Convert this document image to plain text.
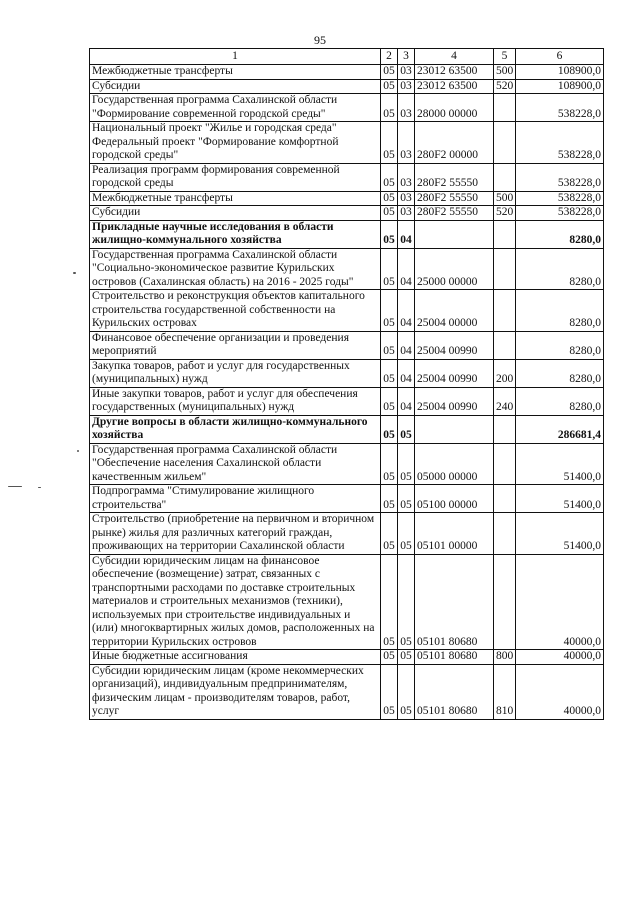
95
1	2	3	4	5	6
Межбюджетные трансферты	05	03	23012 63500	500	108900,0
Субсидии	05	03	23012 63500	520	108900,0
Государственная программа Сахалинской области "Формирование современной городской среды"	05	03	28000 00000		538228,0
Национальный проект "Жилье и городская среда" Федеральный проект "Формирование комфортной городской среды"	05	03	280F2 00000		538228,0
Реализация программ формирования современной городской среды	05	03	280F2 55550		538228,0
Межбюджетные трансферты	05	03	280F2 55550	500	538228,0
Субсидии	05	03	280F2 55550	520	538228,0
Прикладные научные исследования в области жилищно-коммунального хозяйства	05	04			8280,0
Государственная программа Сахалинской области "Социально-экономическое развитие Курильских островов (Сахалинская область) на 2016 - 2025 годы"	05	04	25000 00000		8280,0
Строительство и реконструкция объектов капитального строительства государственной собственности на Курильских островах	05	04	25004 00000		8280,0
Финансовое обеспечение организации и проведения мероприятий	05	04	25004 00990		8280,0
Закупка товаров, работ и услуг для государственных (муниципальных) нужд	05	04	25004 00990	200	8280,0
Иные закупки товаров, работ и услуг для обеспечения государственных (муниципальных) нужд	05	04	25004 00990	240	8280,0
Другие вопросы в области жилищно-коммунального хозяйства	05	05			286681,4
Государственная программа Сахалинской области "Обеспечение населения Сахалинской области качественным жильем"	05	05	05000 00000		51400,0
Подпрограмма "Стимулирование жилищного строительства"	05	05	05100 00000		51400,0
Строительство (приобретение на первичном и вторичном рынке) жилья для различных категорий граждан, проживающих на территории Сахалинской области	05	05	05101 00000		51400,0
Субсидии юридическим лицам на финансовое обеспечение (возмещение) затрат, связанных с транспортными расходами по доставке строительных материалов и строительных механизмов (техники), используемых при строительстве индивидуальных и (или) многоквартирных жилых домов, расположенных на территории Курильских островов	05	05	05101 80680		40000,0
Иные бюджетные ассигнования	05	05	05101 80680	800	40000,0
Субсидии юридическим лицам (кроме некоммерческих организаций), индивидуальным предпринимателям, физическим лицам - производителям товаров, работ, услуг	05	05	05101 80680	810	40000,0
